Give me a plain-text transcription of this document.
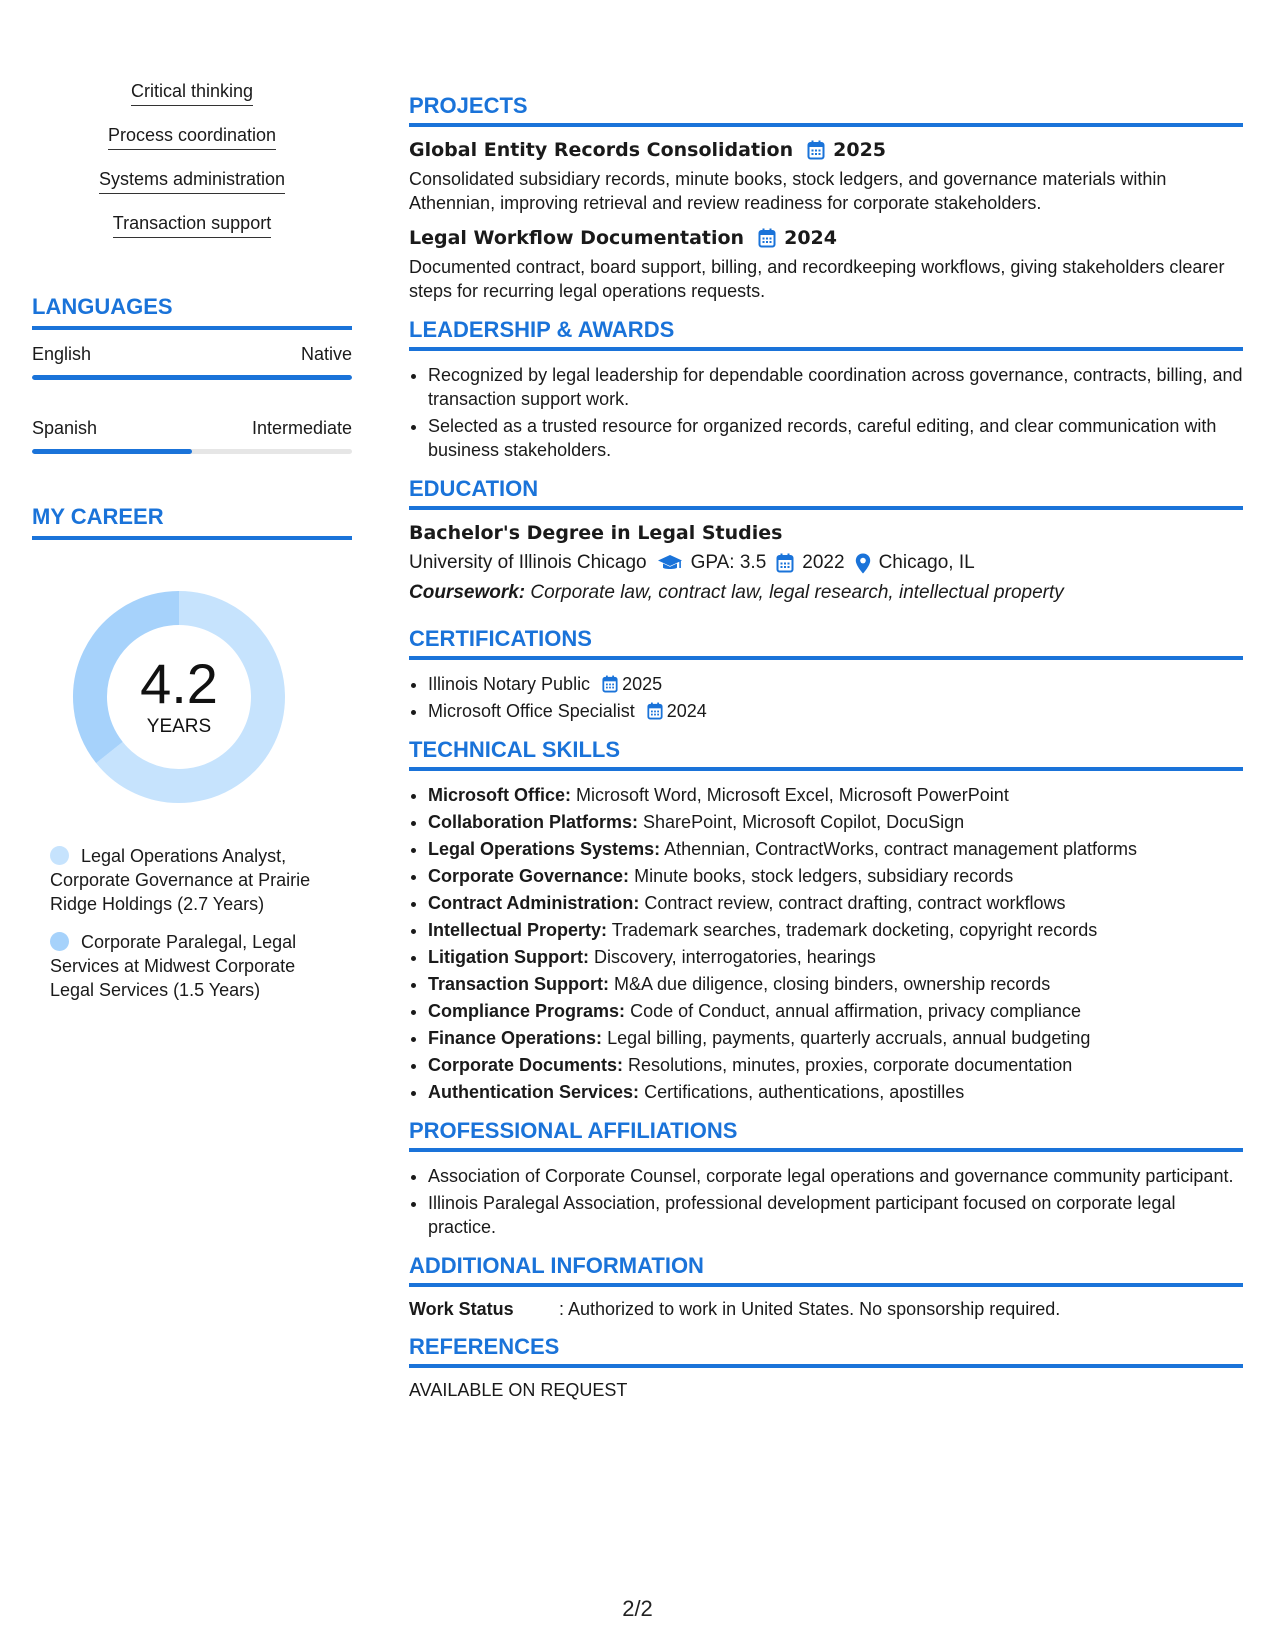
Critical thinking
Process coordination
Systems administration
Transaction support
LANGUAGES
English	Native
Spanish	Intermediate
MY CAREER
4.2
YEARS
Legal Operations Analyst, Corporate Governance at Prairie Ridge Holdings (2.7 Years)
Corporate Paralegal, Legal Services at Midwest Corporate Legal Services (1.5 Years)
PROJECTS
Global Entity Records Consolidation 2025
Consolidated subsidiary records, minute books, stock ledgers, and governance materials within Athennian, improving retrieval and review readiness for corporate stakeholders.
Legal Workflow Documentation 2024
Documented contract, board support, billing, and recordkeeping workflows, giving stakeholders clearer steps for recurring legal operations requests.
LEADERSHIP & AWARDS
• Recognized by legal leadership for dependable coordination across governance, contracts, billing, and transaction support work.
• Selected as a trusted resource for organized records, careful editing, and clear communication with business stakeholders.
EDUCATION
Bachelor's Degree in Legal Studies
University of Illinois Chicago GPA: 3.5 2022 Chicago, IL
Coursework: Corporate law, contract law, legal research, intellectual property
CERTIFICATIONS
• Illinois Notary Public 2025
• Microsoft Office Specialist 2024
TECHNICAL SKILLS
• Microsoft Office: Microsoft Word, Microsoft Excel, Microsoft PowerPoint
• Collaboration Platforms: SharePoint, Microsoft Copilot, DocuSign
• Legal Operations Systems: Athennian, ContractWorks, contract management platforms
• Corporate Governance: Minute books, stock ledgers, subsidiary records
• Contract Administration: Contract review, contract drafting, contract workflows
• Intellectual Property: Trademark searches, trademark docketing, copyright records
• Litigation Support: Discovery, interrogatories, hearings
• Transaction Support: M&A due diligence, closing binders, ownership records
• Compliance Programs: Code of Conduct, annual affirmation, privacy compliance
• Finance Operations: Legal billing, payments, quarterly accruals, annual budgeting
• Corporate Documents: Resolutions, minutes, proxies, corporate documentation
• Authentication Services: Certifications, authentications, apostilles
PROFESSIONAL AFFILIATIONS
• Association of Corporate Counsel, corporate legal operations and governance community participant.
• Illinois Paralegal Association, professional development participant focused on corporate legal practice.
ADDITIONAL INFORMATION
Work Status	: Authorized to work in United States. No sponsorship required.
REFERENCES
AVAILABLE ON REQUEST
2/2
